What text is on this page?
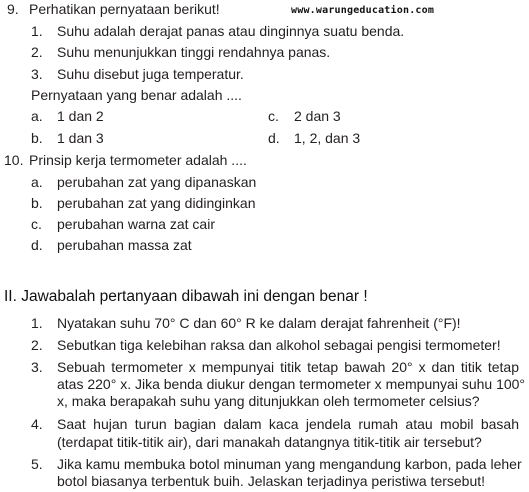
9. Perhatikan pernyataan berikut!	www.warungeducation.com
1. Suhu adalah derajat panas atau dinginnya suatu benda.
2. Suhu menunjukkan tinggi rendahnya panas.
3. Suhu disebut juga temperatur.
Pernyataan yang benar adalah ....
a. 1 dan 2	c. 2 dan 3
b. 1 dan 3	d. 1, 2, dan 3
10. Prinsip kerja termometer adalah ....
a. perubahan zat yang dipanaskan
b. perubahan zat yang didinginkan
c. perubahan warna zat cair
d. perubahan massa zat
II. Jawabalah pertanyaan dibawah ini dengan benar !
1. Nyatakan suhu 70° C dan 60° R ke dalam derajat fahrenheit (°F)!
2. Sebutkan tiga kelebihan raksa dan alkohol sebagai pengisi termometer!
3. Sebuah termometer x mempunyai titik tetap bawah 20° x dan titik tetap
atas 220° x. Jika benda diukur dengan termometer x mempunyai suhu 100°
x, maka berapakah suhu yang ditunjukkan oleh termometer celsius?
4. Saat hujan turun bagian dalam kaca jendela rumah atau mobil basah
(terdapat titik-titik air), dari manakah datangnya titik-titik air tersebut?
5. Jika kamu membuka botol minuman yang mengandung karbon, pada leher
botol biasanya terbentuk buih. Jelaskan terjadinya peristiwa tersebut!
